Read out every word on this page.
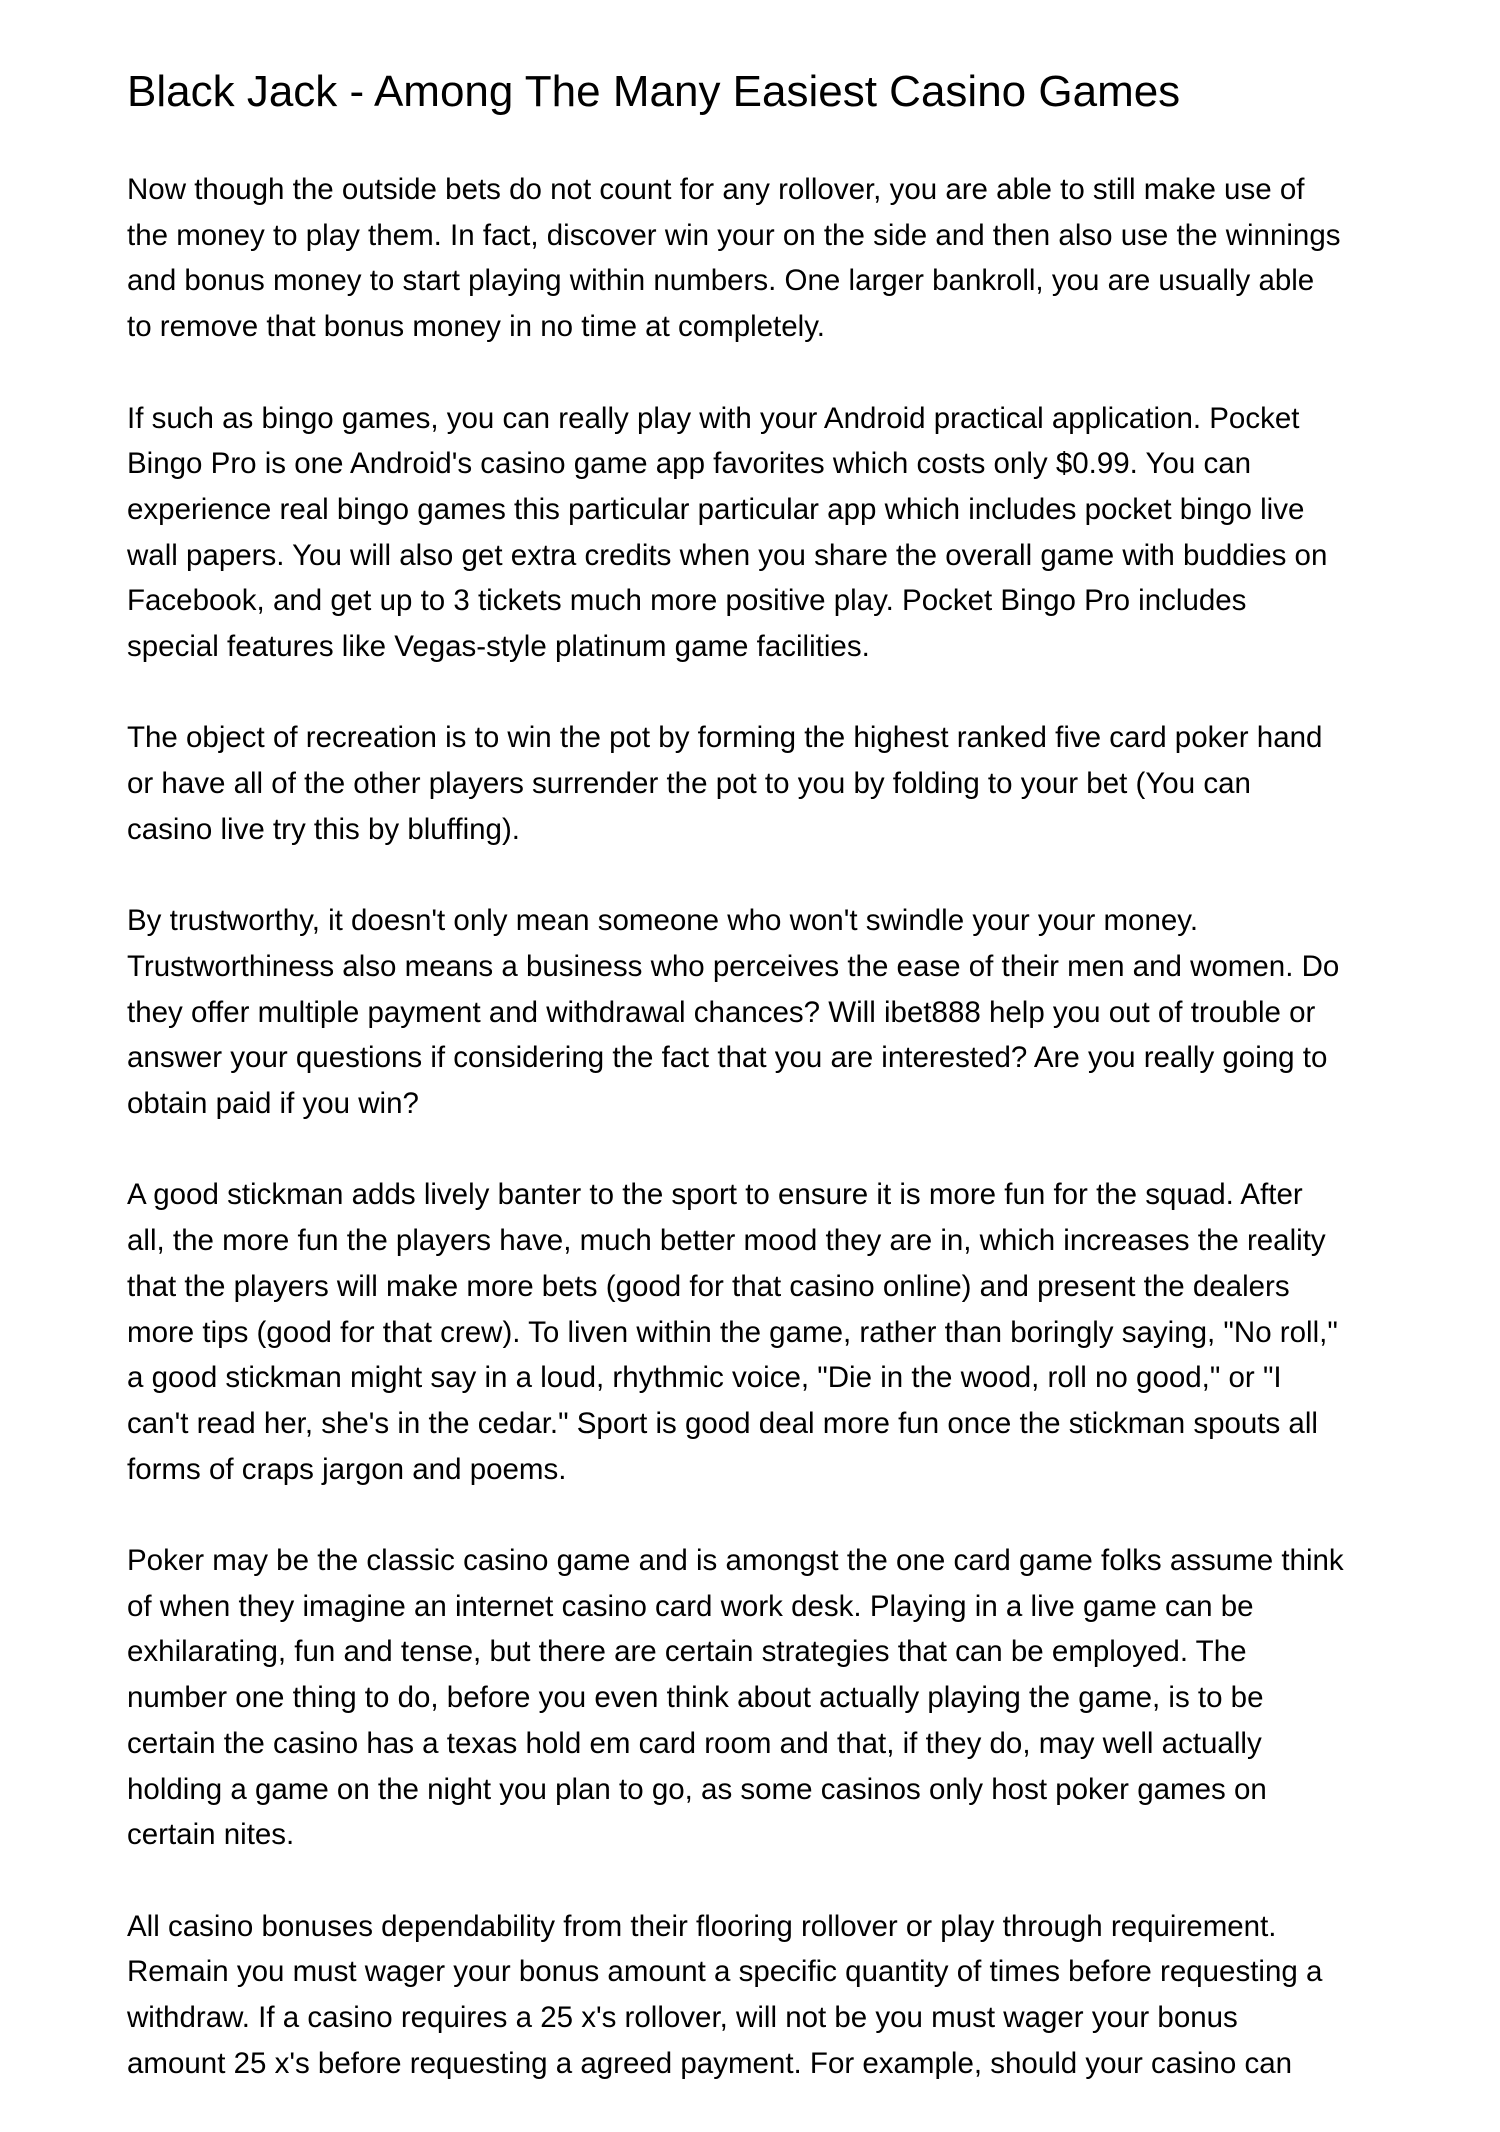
Black Jack - Among The Many Easiest Casino Games

Now though the outside bets do not count for any rollover, you are able to still make use of
the money to play them. In fact, discover win your on the side and then also use the winnings
and bonus money to start playing within numbers. One larger bankroll, you are usually able
to remove that bonus money in no time at completely.

If such as bingo games, you can really play with your Android practical application. Pocket
Bingo Pro is one Android's casino game app favorites which costs only $0.99. You can
experience real bingo games this particular particular app which includes pocket bingo live
wall papers. You will also get extra credits when you share the overall game with buddies on
Facebook, and get up to 3 tickets much more positive play. Pocket Bingo Pro includes
special features like Vegas-style platinum game facilities.

The object of recreation is to win the pot by forming the highest ranked five card poker hand
or have all of the other players surrender the pot to you by folding to your bet (You can
casino live try this by bluffing).

By trustworthy, it doesn't only mean someone who won't swindle your your money.
Trustworthiness also means a business who perceives the ease of their men and women. Do
they offer multiple payment and withdrawal chances? Will ibet888 help you out of trouble or
answer your questions if considering the fact that you are interested? Are you really going to
obtain paid if you win?

A good stickman adds lively banter to the sport to ensure it is more fun for the squad. After
all, the more fun the players have, much better mood they are in, which increases the reality
that the players will make more bets (good for that casino online) and present the dealers
more tips (good for that crew). To liven within the game, rather than boringly saying, "No roll,"
a good stickman might say in a loud, rhythmic voice, "Die in the wood, roll no good," or "I
can't read her, she's in the cedar." Sport is good deal more fun once the stickman spouts all
forms of craps jargon and poems.

Poker may be the classic casino game and is amongst the one card game folks assume think
of when they imagine an internet casino card work desk. Playing in a live game can be
exhilarating, fun and tense, but there are certain strategies that can be employed. The
number one thing to do, before you even think about actually playing the game, is to be
certain the casino has a texas hold em card room and that, if they do, may well actually
holding a game on the night you plan to go, as some casinos only host poker games on
certain nites.

All casino bonuses dependability from their flooring rollover or play through requirement.
Remain you must wager your bonus amount a specific quantity of times before requesting a
withdraw. If a casino requires a 25 x's rollover, will not be you must wager your bonus
amount 25 x's before requesting a agreed payment. For example, should your casino can
